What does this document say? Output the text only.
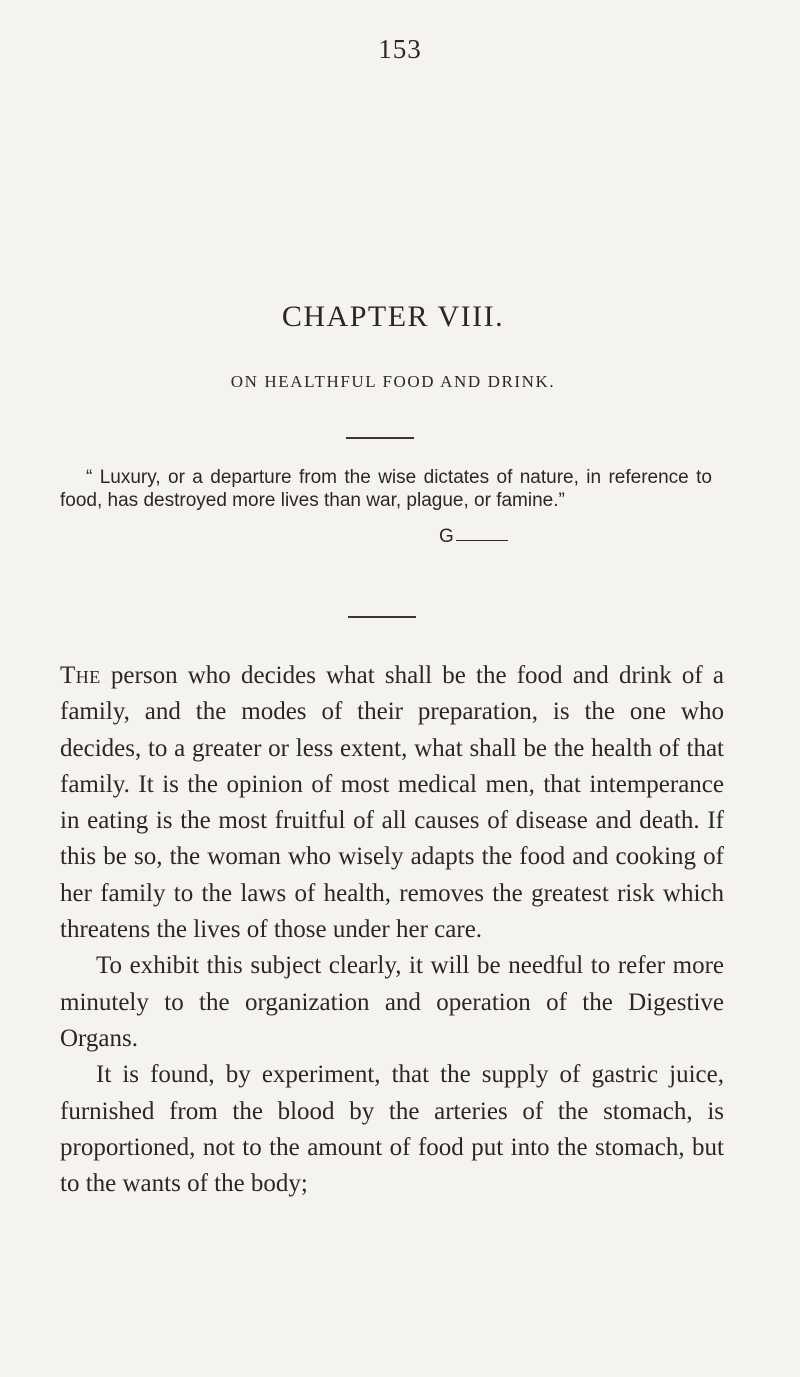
153
CHAPTER VIII.
ON HEALTHFUL FOOD AND DRINK.
“ Luxury, or a departure from the wise dictates of nature, in reference to food, has destroyed more lives than war, plague, or famine.”
G

The person who decides what shall be the food and drink of a family, and the modes of their preparation, is the one who decides, to a greater or less extent, what shall be the health of that family. It is the opinion of most medical men, that intemperance in eating is the most fruitful of all causes of disease and death. If this be so, the woman who wisely adapts the food and cooking of her family to the laws of health, removes the greatest risk which threatens the lives of those under her care.

To exhibit this subject clearly, it will be needful to refer more minutely to the organization and operation of the Digestive Organs.

It is found, by experiment, that the supply of gastric juice, furnished from the blood by the arteries of the stomach, is proportioned, not to the amount of food put into the stomach, but to the wants of the body;
